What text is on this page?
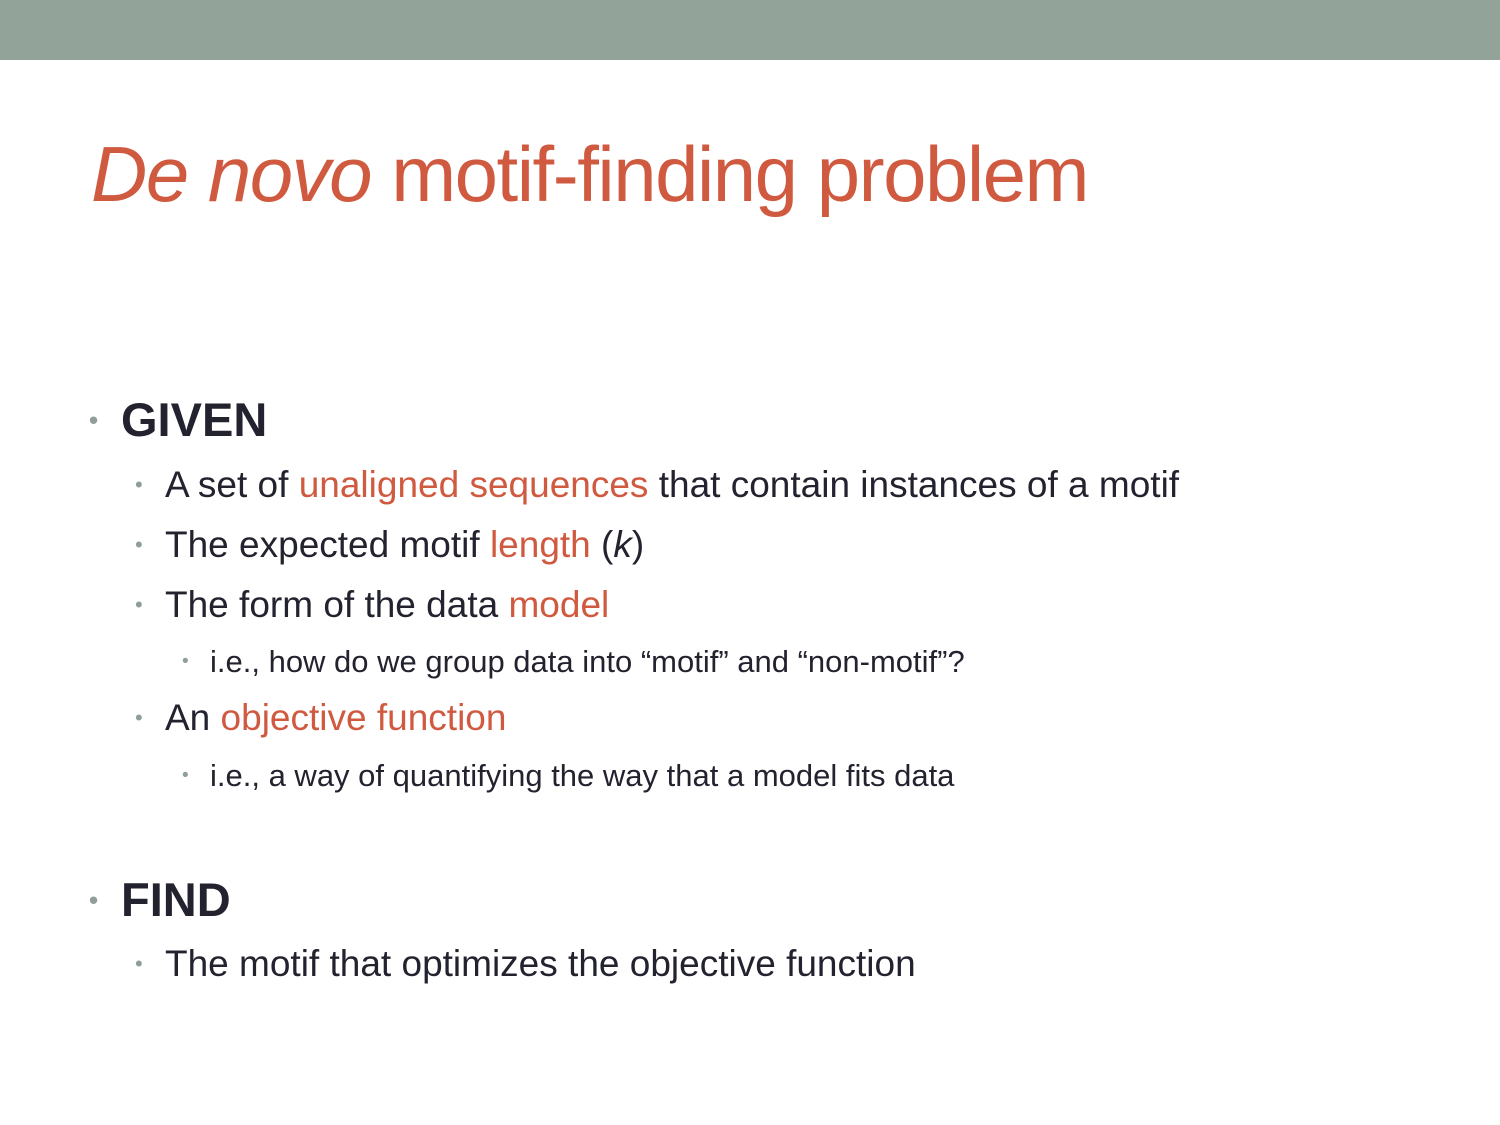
De novo motif-finding problem
• GIVEN
• A set of unaligned sequences that contain instances of a motif
• The expected motif length (k)
• The form of the data model
• i.e., how do we group data into “motif” and “non-motif”?
• An objective function
• i.e., a way of quantifying the way that a model fits data
• FIND
• The motif that optimizes the objective function
